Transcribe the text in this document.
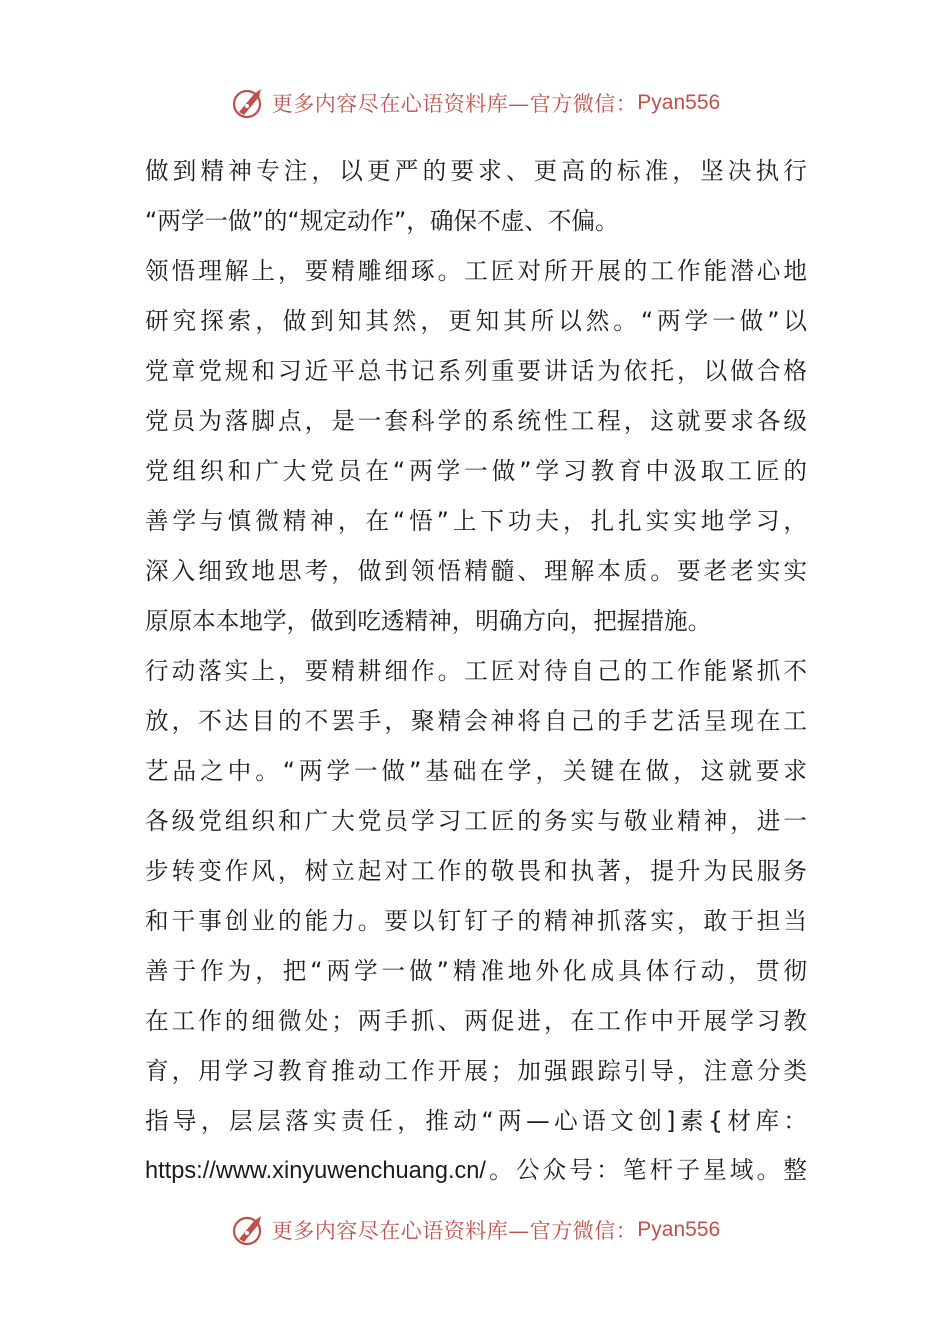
更多内容尽在心语资料库—官方微信： Pyan556
做到精神专注，以更严的要求、更高的标准，坚决执行
“两学一做”的“规定动作”，确保不虚、不偏。
领悟理解上，要精雕细琢。工匠对所开展的工作能潜心地
研究探索，做到知其然，更知其所以然。“两学一做”以
党章党规和习近平总书记系列重要讲话为依托，以做合格
党员为落脚点，是一套科学的系统性工程，这就要求各级
党组织和广大党员在“两学一做”学习教育中汲取工匠的
善学与慎微精神，在“悟”上下功夫，扎扎实实地学习，
深入细致地思考，做到领悟精髓、理解本质。要老老实实
原原本本地学，做到吃透精神，明确方向，把握措施。
行动落实上，要精耕细作。工匠对待自己的工作能紧抓不
放，不达目的不罢手，聚精会神将自己的手艺活呈现在工
艺品之中。“两学一做”基础在学，关键在做，这就要求
各级党组织和广大党员学习工匠的务实与敬业精神，进一
步转变作风，树立起对工作的敬畏和执著，提升为民服务
和干事创业的能力。要以钉钉子的精神抓落实，敢于担当
善于作为，把“两学一做”精准地外化成具体行动，贯彻
在工作的细微处；两手抓、两促进，在工作中开展学习教
育，用学习教育推动工作开展；加强跟踪引导，注意分类
指导，层层落实责任，推动“两—心语文创]素{材库：
https://www.xinyuwenchuang.cn/。公众号：笔杆子星域。整
更多内容尽在心语资料库—官方微信： Pyan556
